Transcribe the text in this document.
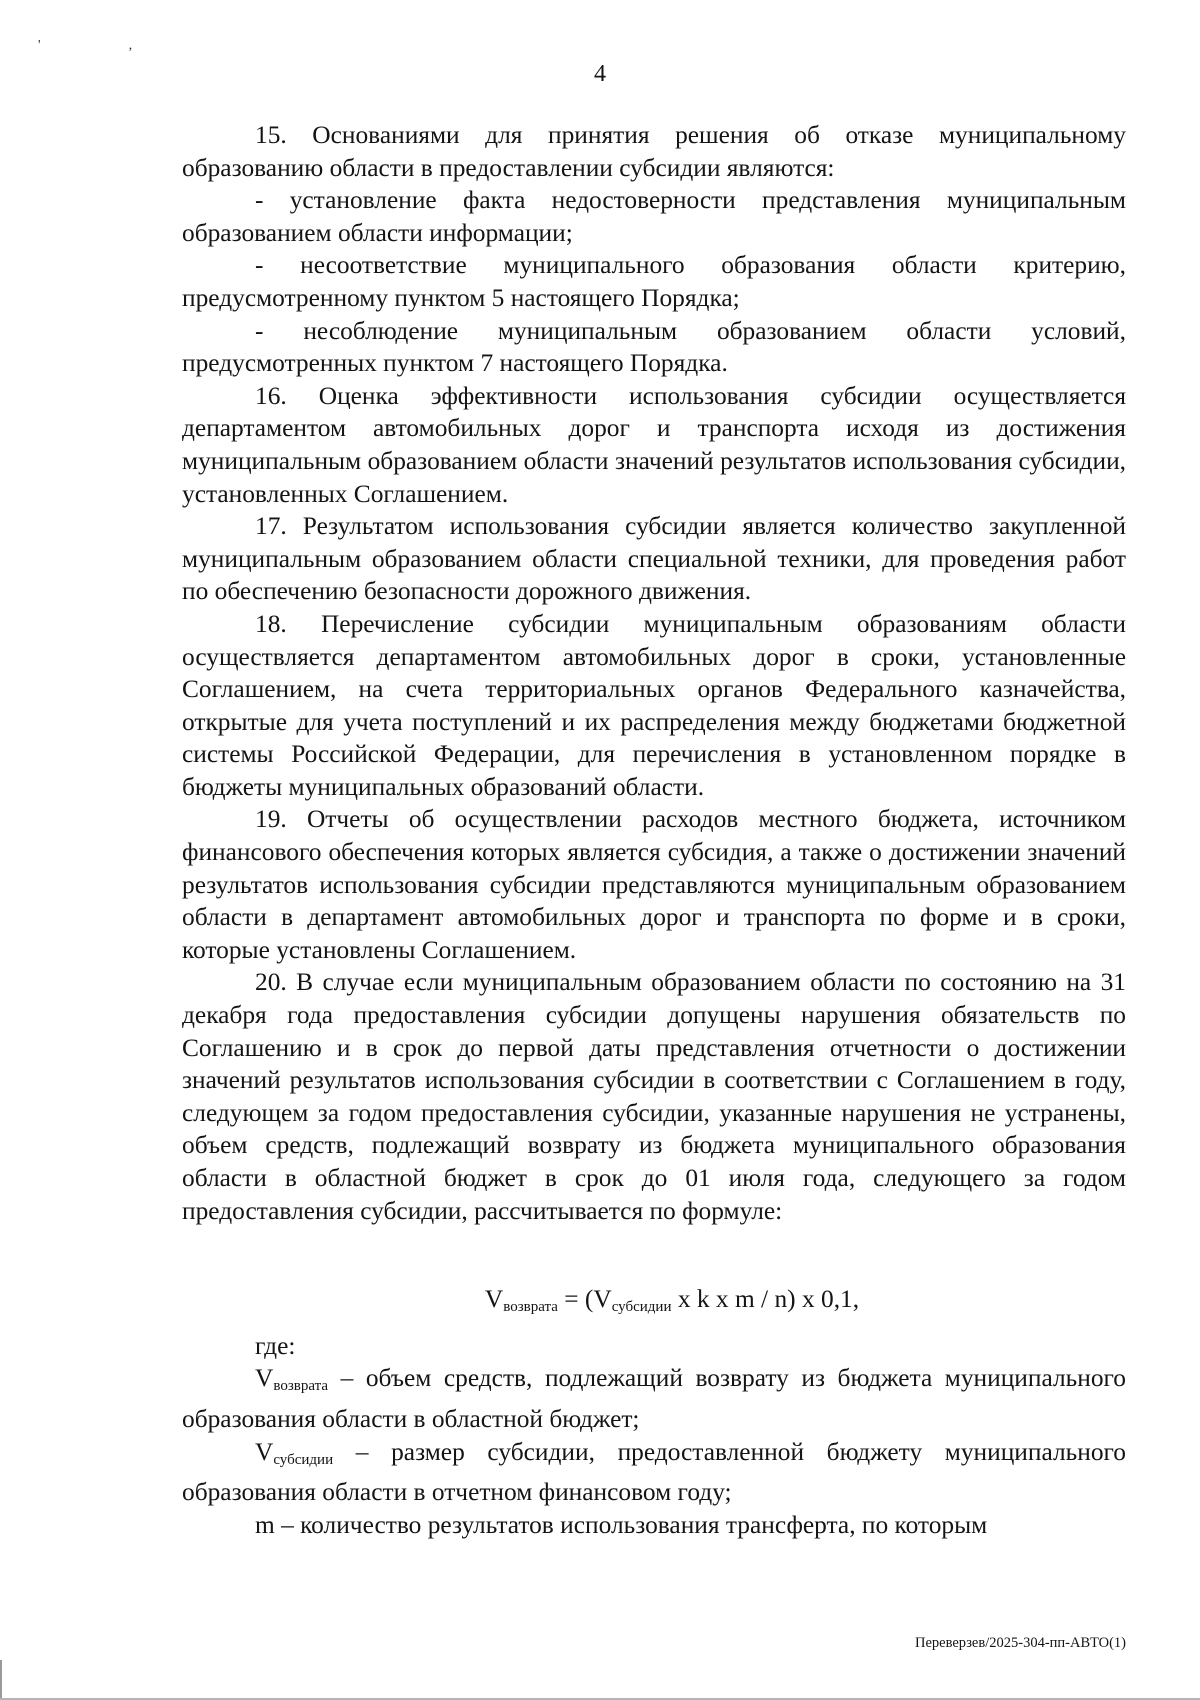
' ‚
4

15. Основаниями для принятия решения об отказе муниципальному образованию области в предоставлении субсидии являются:

- установление факта недостоверности представления муниципальным образованием области информации;

- несоответствие муниципального образования области критерию, предусмотренному пунктом 5 настоящего Порядка;

- несоблюдение муниципальным образованием области условий, предусмотренных пунктом 7 настоящего Порядка.

16. Оценка эффективности использования субсидии осуществляется департаментом автомобильных дорог и транспорта исходя из достижения муниципальным образованием области значений результатов использования субсидии, установленных Соглашением.

17. Результатом использования субсидии является количество закупленной муниципальным образованием области специальной техники, для проведения работ по обеспечению безопасности дорожного движения.

18. Перечисление субсидии муниципальным образованиям области осуществляется департаментом автомобильных дорог в сроки, установленные Соглашением, на счета территориальных органов Федерального казначейства, открытые для учета поступлений и их распределения между бюджетами бюджетной системы Российской Федерации, для перечисления в установленном порядке в бюджеты муниципальных образований области.

19. Отчеты об осуществлении расходов местного бюджета, источником финансового обеспечения которых является субсидия, а также о достижении значений результатов использования субсидии представляются муниципальным образованием области в департамент автомобильных дорог и транспорта по форме и в сроки, которые установлены Соглашением.

20. В случае если муниципальным образованием области по состоянию на 31 декабря года предоставления субсидии допущены нарушения обязательств по Соглашению и в срок до первой даты представления отчетности о достижении значений результатов использования субсидии в соответствии с Соглашением в году, следующем за годом предоставления субсидии, указанные нарушения не устранены, объем средств, подлежащий возврату из бюджета муниципального образования области в областной бюджет в срок до 01 июля года, следующего за годом предоставления субсидии, рассчитывается по формуле:

$V_{возврата} = (V_{субсидии}$ x k x m / n) x 0,1,

где:

$V_{возврата}$ – объем средств, подлежащий возврату из бюджета муниципального образования области в областной бюджет;

$V_{субсидии}$ – размер субсидии, предоставленной бюджету муниципального образования области в отчетном финансовом году;

m – количество результатов использования трансферта, по которым

Переверзев/2025-304-пп-АВТО(1)
